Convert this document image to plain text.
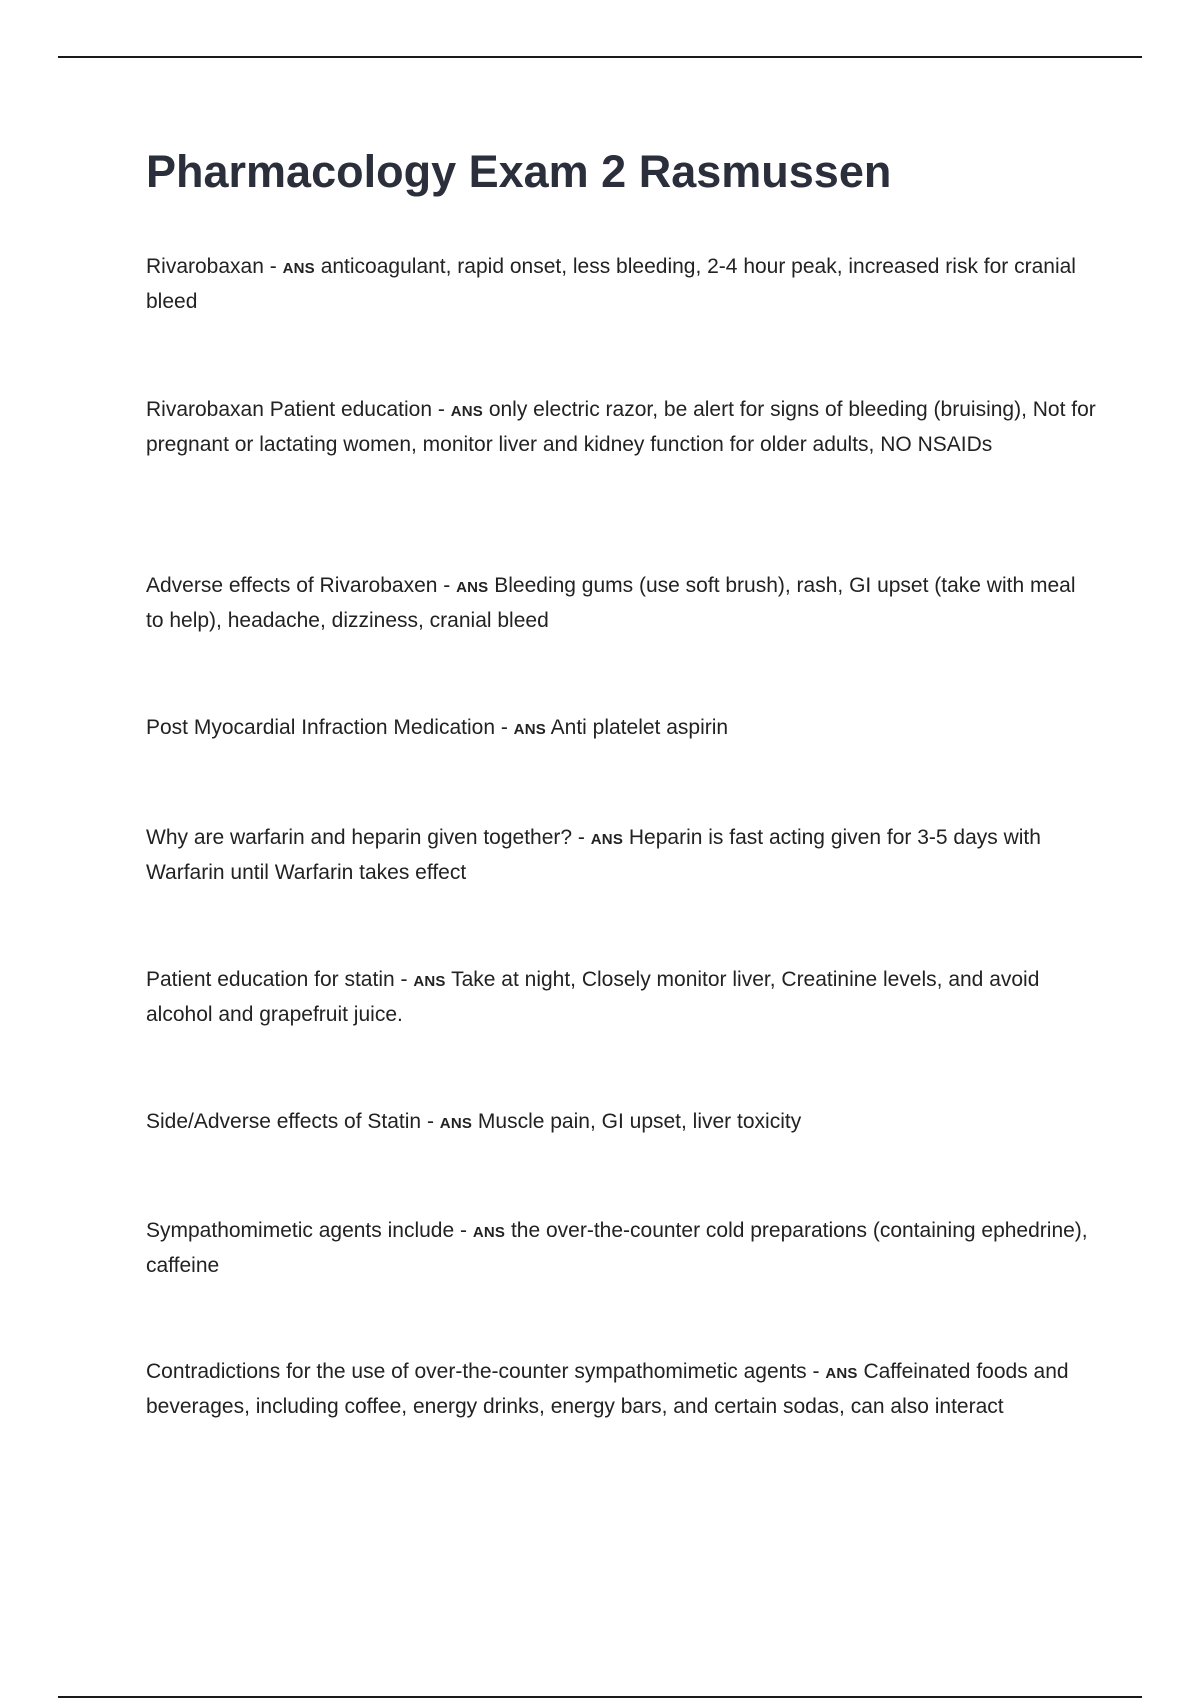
Pharmacology Exam 2 Rasmussen
Rivarobaxan - ANS anticoagulant, rapid onset, less bleeding, 2-4 hour peak, increased risk for cranial bleed
Rivarobaxan Patient education - ANS only electric razor, be alert for signs of bleeding (bruising), Not for pregnant or lactating women, monitor liver and kidney function for older adults, NO NSAIDs
Adverse effects of Rivarobaxen - ANS Bleeding gums (use soft brush), rash, GI upset (take with meal to help), headache, dizziness, cranial bleed
Post Myocardial Infraction Medication - ANS Anti platelet aspirin
Why are warfarin and heparin given together? - ANS Heparin is fast acting given for 3-5 days with Warfarin until Warfarin takes effect
Patient education for statin - ANS Take at night, Closely monitor liver, Creatinine levels, and avoid alcohol and grapefruit juice.
Side/Adverse effects of Statin - ANS Muscle pain, GI upset, liver toxicity
Sympathomimetic agents include - ANS the over-the-counter cold preparations (containing ephedrine), caffeine
Contradictions for the use of over-the-counter sympathomimetic agents - ANS Caffeinated foods and beverages, including coffee, energy drinks, energy bars, and certain sodas, can also interact
